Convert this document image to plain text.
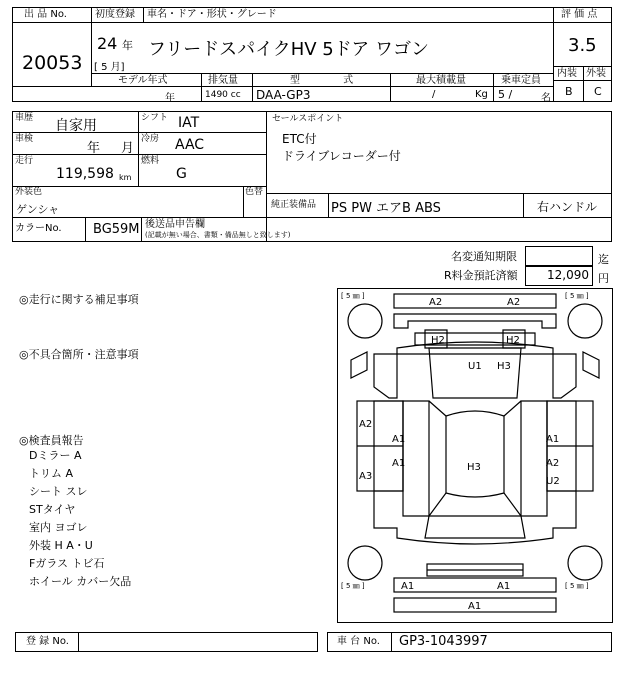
出 品 No.
20053
初度登録 車名・ドア・形状・グレード
24 年
[ 5 月]
フリードスパイクHV 5ドア ワゴン
評 価 点
3.5
内装 外装
B C
モデル年式	排気量	型 式	最大積載量	乗車定員
年	1490 cc DAA-GP3	/	Kg 5 /	名
車歴 自家用	シフト IAT
車検
年 月
冷房 AAC
走行
119,598 km
燃料
G
セールスポイント
ETC付
ドライブレコーダー付
外装色
ゲンシャ
色替
純正装備品 PS PW エアB ABS	右ハンドル
カラーNo. BG59M 後送品申告欄
(記載が無い場合、書類・備品無しと致します)
名変通知期限	迄
R料金預託済額	12,090 円
◎走行に関する補足事項
◎不具合箇所・注意事項
◎検査員報告
Dミラー A
トリム A
シート スレ
STタイヤ
室内 ヨゴレ
外装 H A・U
Fガラス トビ石
ホイール カバー欠品
[ 5 ㎜ ]	[ 5 ㎜ ]
[ 5 ㎜ ]	[ 5 ㎜ ]
A2	A2
H2	H2
U1 H3
A2
A3
A1
A1	H3
A1
A2
U2
A1	A1
A1
登 録 No.	車 台 No. GP3-1043997
